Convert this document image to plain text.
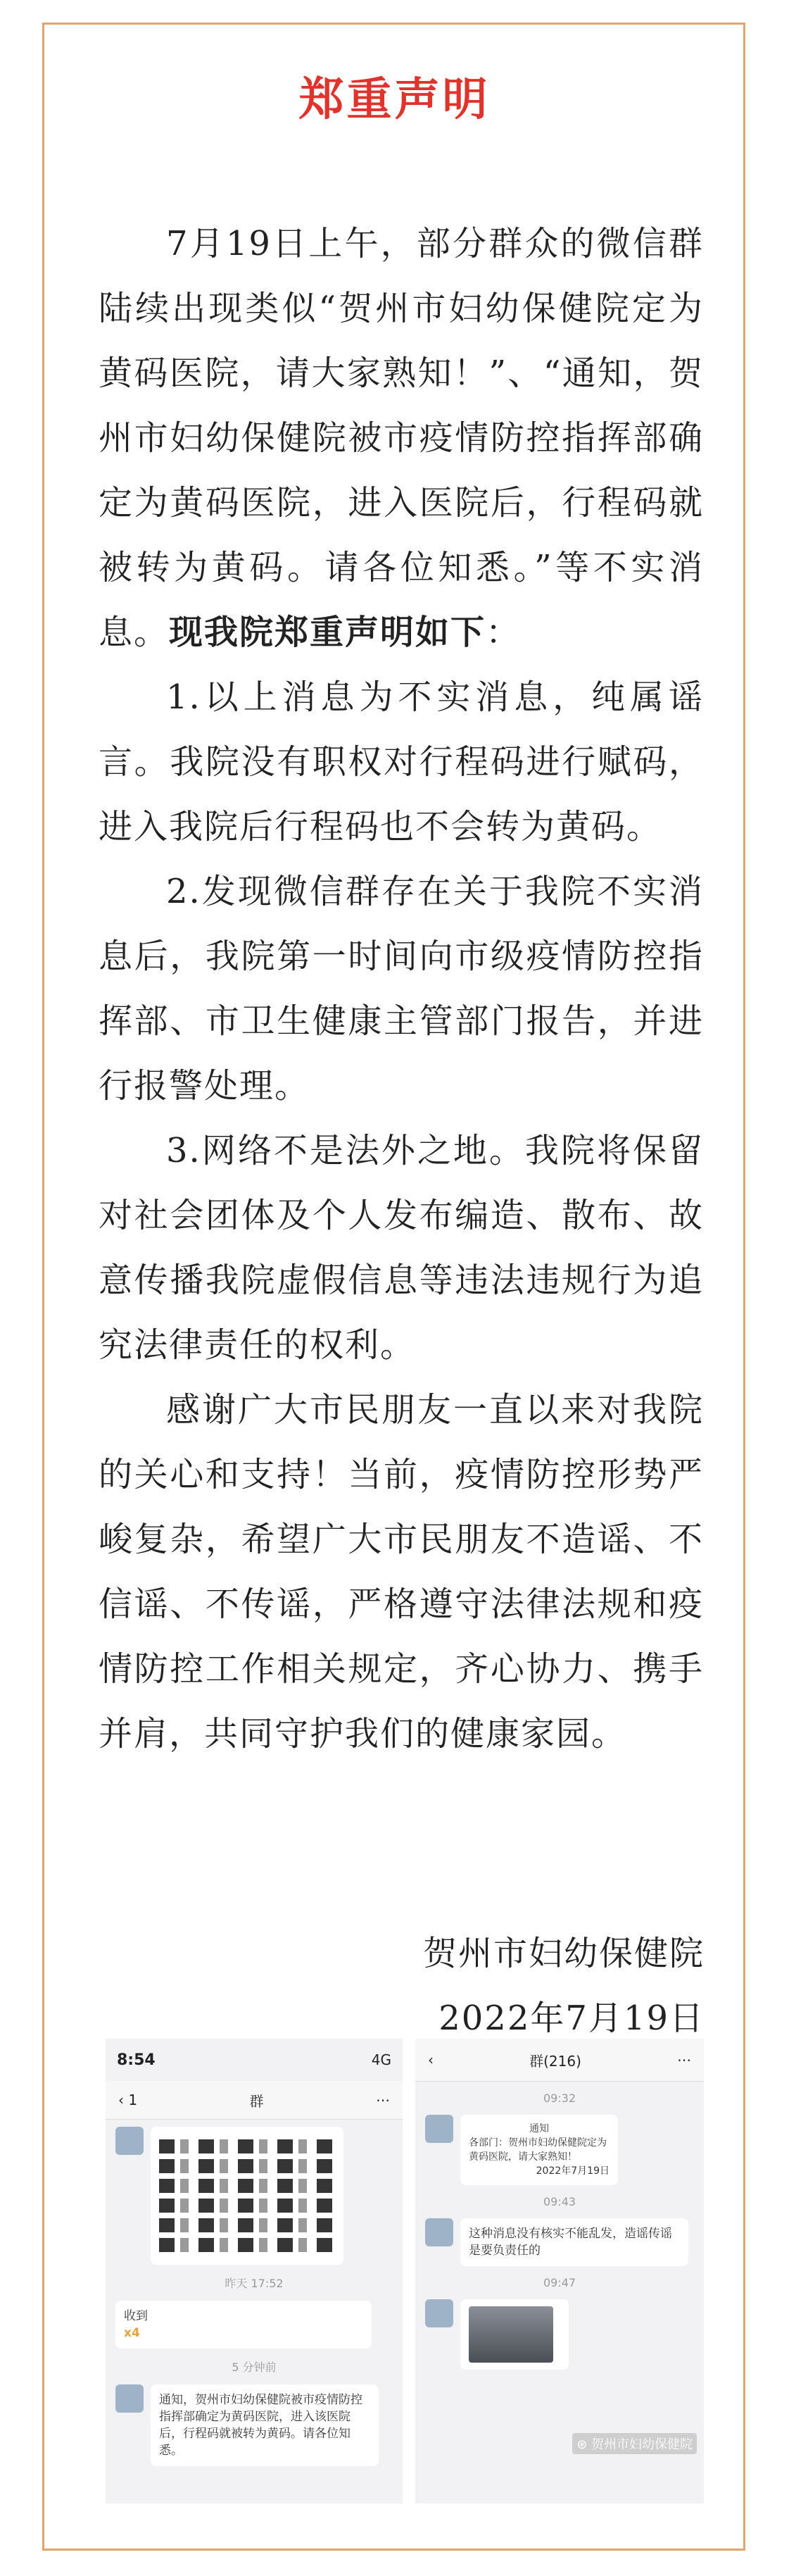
郑重声明

7月19日上午，部分群众的微信群陆续出现类似“贺州市妇幼保健院定为黄码医院，请大家熟知！”、“通知，贺州市妇幼保健院被市疫情防控指挥部确定为黄码医院，进入医院后，行程码就被转为黄码。请各位知悉。”等不实消息。现我院郑重声明如下：

1.以上消息为不实消息，纯属谣言。我院没有职权对行程码进行赋码，进入我院后行程码也不会转为黄码。

2.发现微信群存在关于我院不实消息后，我院第一时间向市级疫情防控指挥部、市卫生健康主管部门报告，并进行报警处理。

3.网络不是法外之地。我院将保留对社会团体及个人发布编造、散布、故意传播我院虚假信息等违法违规行为追究法律责任的权利。

感谢广大市民朋友一直以来对我院的关心和支持！当前，疫情防控形势严峻复杂，希望广大市民朋友不造谣、不信谣、不传谣，严格遵守法律法规和疫情防控工作相关规定，齐心协力、携手并肩，共同守护我们的健康家园。

贺州市妇幼保健院
2022年7月19日
8:54	4G
‹ 1	群	⋯
昨天 17:52
收到
x4
5 分钟前
通知，贺州市妇幼保健院被市疫情防控指挥部确定为黄码医院，进入该医院后，行程码就被转为黄码。请各位知悉。
‹	群(216)	⋯
09:32
通知
各部门：贺州市妇幼保健院定为黄码医院，请大家熟知！
2022年7月19日
09:43
这种消息没有核实不能乱发，造谣传谣是要负责任的
09:47
⊛ 贺州市妇幼保健院
